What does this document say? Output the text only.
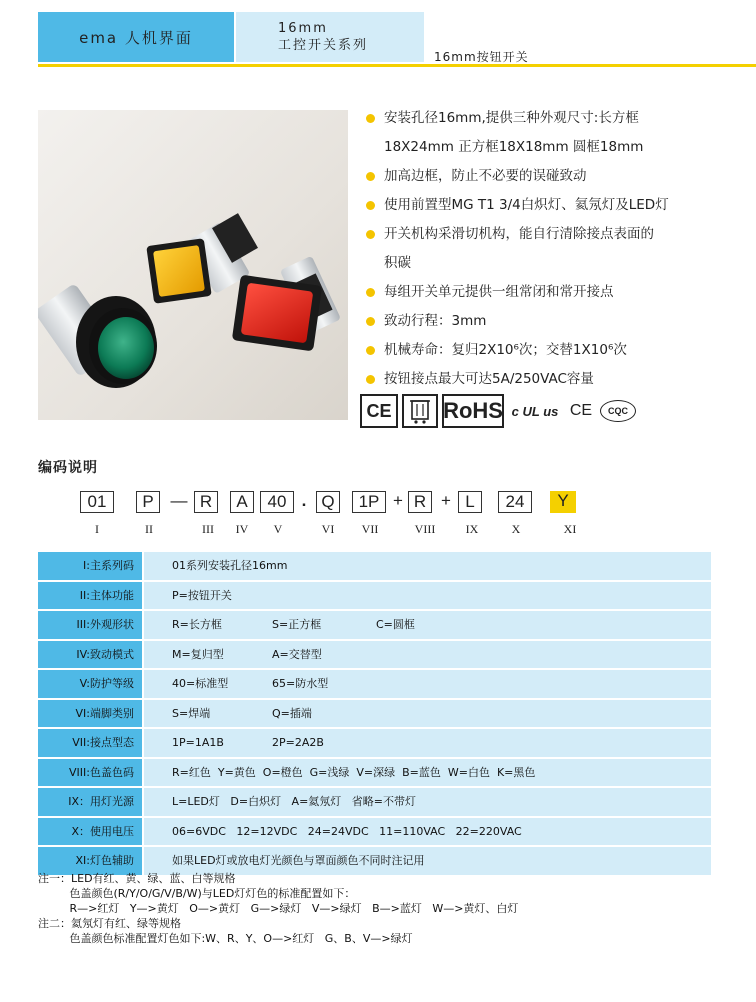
ema 人机界面	16mm
工控开关系列
16mm按钮开关
安装孔径16mm,提供三种外观尺寸:长方框
18X24mm 正方框18X18mm 圆框18mm
加高边框，防止不必要的误碰致动
使用前置型MG T1 3/4白炽灯、氦氖灯及LED灯
开关机构采滑切机构，能自行清除接点表面的
积碳
每组开关单元提供一组常闭和常开接点
致动行程：3mm
机械寿命：复归2X10⁶次；交替1X10⁶次
按钮接点最大可达5A/250VAC容量
CE RoHS c UL us CE CQC
编码说明
01	P — R	A	40 . Q	1P + R + L	24	Y
I	II	III	IV	V	VI	VII	VIII	IX	X	XI
I:主系列码	01系列安装孔径16mm
II:主体功能	P=按钮开关
III:外观形状	R=长方框	S=正方框	C=圆框
IV:致动模式	M=复归型	A=交替型
V:防护等级	40=标准型	65=防水型
VI:端脚类别	S=焊端	Q=插端
VII:接点型态	1P=1A1B	2P=2A2B
VIII:色盖色码	R=红色  Y=黄色  O=橙色  G=浅绿  V=深绿  B=蓝色  W=白色  K=黑色
IX：用灯光源	L=LED灯   D=白炽灯   A=氦氖灯   省略=不带灯
X：使用电压	06=6VDC   12=12VDC   24=24VDC   11=110VAC   22=220VAC
XI:灯色辅助	如果LED灯或放电灯光颜色与罩面颜色不同时注记用
注一：LED有红、黄、绿、蓝、白等规格
色盖颜色(R/Y/O/G/V/B/W)与LED灯灯色的标准配置如下：
R—>红灯   Y—>黄灯   O—>黄灯   G—>绿灯   V—>绿灯   B—>蓝灯   W—>黄灯、白灯
注二：氦氖灯有红、绿等规格
色盖颜色标准配置灯色如下:W、R、Y、O—>红灯   G、B、V—>绿灯
